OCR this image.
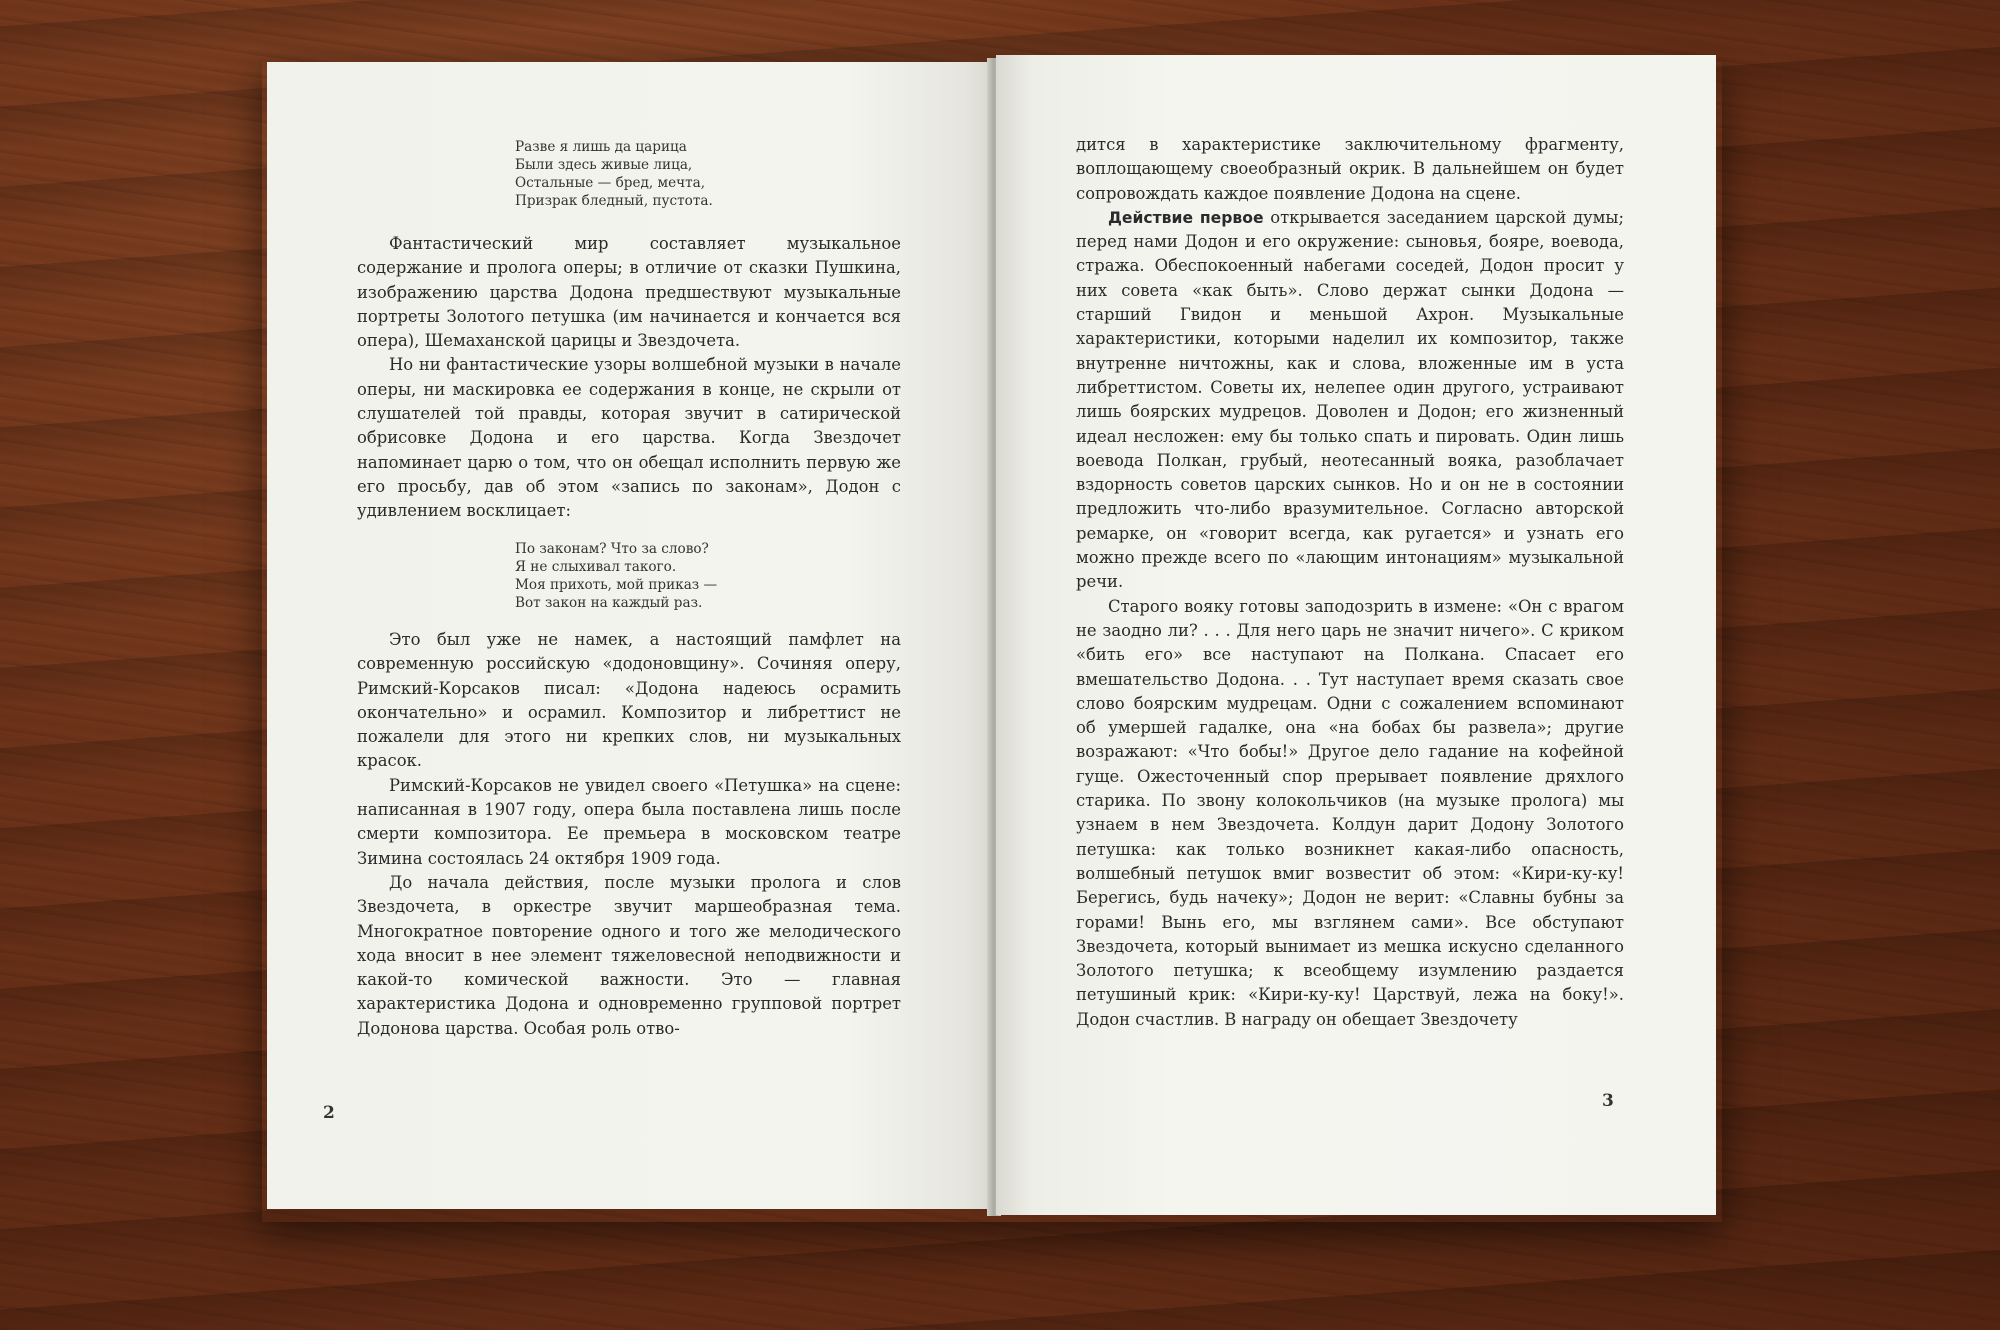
Разве я лишь да царица
Были здесь живые лица,
Остальные — бред, мечта,
Призрак бледный, пустота.

Фантастический мир составляет музыкальное содержание и пролога оперы; в отличие от сказки Пушкина, изображению царства Додона предшествуют музыкальные портреты Золотого петушка (им начинается и кончается вся опера), Шемаханской царицы и Звездочета.

Но ни фантастические узоры волшебной музыки в начале оперы, ни маскировка ее содержания в конце, не скрыли от слушателей той правды, которая звучит в сатирической обрисовке Додона и его царства. Когда Звездочет напоминает царю о том, что он обещал исполнить первую же его просьбу, дав об этом «запись по законам», Додон с удивлением восклицает:

По законам? Что за слово?
Я не слыхивал такого.
Моя прихоть, мой приказ —
Вот закон на каждый раз.

Это был уже не намек, а настоящий памфлет на современную российскую «додоновщину». Сочиняя оперу, Римский-Корсаков писал: «Додона надеюсь осрамить окончательно» и осрамил. Композитор и либреттист не пожалели для этого ни крепких слов, ни музыкальных красок.

Римский-Корсаков не увидел своего «Петушка» на сцене: написанная в 1907 году, опера была поставлена лишь после смерти композитора. Ее премьера в московском театре Зимина состоялась 24 октября 1909 года.

До начала действия, после музыки пролога и слов Звездочета, в оркестре звучит маршеобразная тема. Многократное повторение одного и того же мелодического хода вносит в нее элемент тяжеловесной неподвижности и какой-то комической важности. Это — главная характеристика Додона и одновременно групповой портрет Додонова царства. Особая роль отво-

2

дится в характеристике заключительному фрагменту, воплощающему своеобразный окрик. В дальнейшем он будет сопровождать каждое появление Додона на сцене.

Действие первое открывается заседанием царской думы; перед нами Додон и его окружение: сыновья, бояре, воевода, стража. Обеспокоенный набегами соседей, Додон просит у них совета «как быть». Слово держат сынки Додона — старший Гвидон и меньшой Ахрон. Музыкальные характеристики, которыми наделил их композитор, также внутренне ничтожны, как и слова, вложенные им в уста либреттистом. Советы их, нелепее один другого, устраивают лишь боярских мудрецов. Доволен и Додон; его жизненный идеал несложен: ему бы только спать и пировать. Один лишь воевода Полкан, грубый, неотесанный вояка, разоблачает вздорность советов царских сынков. Но и он не в состоянии предложить что-либо вразумительное. Согласно авторской ремарке, он «говорит всегда, как ругается» и узнать его можно прежде всего по «лающим интонациям» музыкальной речи.

Старого вояку готовы заподозрить в измене: «Он с врагом не заодно ли? . . . Для него царь не значит ничего». С криком «бить его» все наступают на Полкана. Спасает его вмешательство Додона. . . Тут наступает время сказать свое слово боярским мудрецам. Одни с сожалением вспоминают об умершей гадалке, она «на бобах бы развела»; другие возражают: «Что бобы!» Другое дело гадание на кофейной гуще. Ожесточенный спор прерывает появление дряхлого старика. По звону колокольчиков (на музыке пролога) мы узнаем в нем Звездочета. Колдун дарит Додону Золотого петушка: как только возникнет какая-либо опасность, волшебный петушок вмиг возвестит об этом: «Кири-ку-ку! Берегись, будь начеку»; Додон не верит: «Славны бубны за горами! Вынь его, мы взглянем сами». Все обступают Звездочета, который вынимает из мешка искусно сделанного Золотого петушка; к всеобщему изумлению раздается петушиный крик: «Кири-ку-ку! Царствуй, лежа на боку!». Додон счастлив. В награду он обещает Звездочету

3
